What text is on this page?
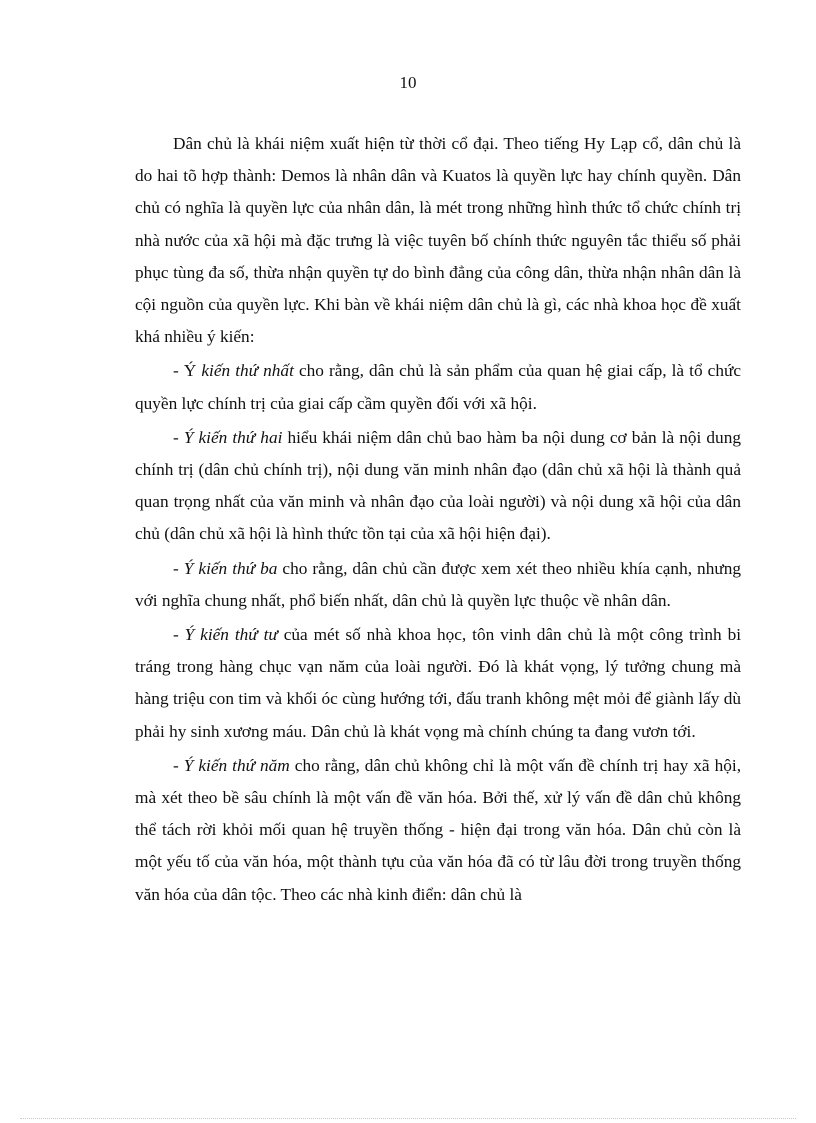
10

Dân chủ là khái niệm xuất hiện từ thời cổ đại. Theo tiếng Hy Lạp cổ, dân chủ là do hai tõ hợp thành: Demos là nhân dân và Kuatos là quyền lực hay chính quyền. Dân chủ có nghĩa là quyền lực của nhân dân, là mét trong những hình thức tổ chức chính trị nhà nước của xã hội mà đặc trưng là việc tuyên bố chính thức nguyên tắc thiểu số phải phục tùng đa số, thừa nhận quyền tự do bình đẳng của công dân, thừa nhận nhân dân là cội nguồn của quyền lực. Khi bàn về khái niệm dân chủ là gì, các nhà khoa học đề xuất khá nhiều ý kiến:

- Ý kiến thứ nhất cho rằng, dân chủ là sản phẩm của quan hệ giai cấp, là tổ chức quyền lực chính trị của giai cấp cầm quyền đối với xã hội.

- Ý kiến thứ hai hiểu khái niệm dân chủ bao hàm ba nội dung cơ bản là nội dung chính trị (dân chủ chính trị), nội dung văn minh nhân đạo (dân chủ xã hội là thành quả quan trọng nhất của văn minh và nhân đạo của loài người) và nội dung xã hội của dân chủ (dân chủ xã hội là hình thức tồn tại của xã hội hiện đại).

- Ý kiến thứ ba cho rằng, dân chủ cần được xem xét theo nhiều khía cạnh, nhưng với nghĩa chung nhất, phổ biến nhất, dân chủ là quyền lực thuộc về nhân dân.

- Ý kiến thứ tư của mét số nhà khoa học, tôn vinh dân chủ là một công trình bi tráng trong hàng chục vạn năm của loài người. Đó là khát vọng, lý tưởng chung mà hàng triệu con tim và khối óc cùng hướng tới, đấu tranh không mệt mỏi để giành lấy dù phải hy sinh xương máu. Dân chủ là khát vọng mà chính chúng ta đang vươn tới.

- Ý kiến thứ năm cho rằng, dân chủ không chỉ là một vấn đề chính trị hay xã hội, mà xét theo bề sâu chính là một vấn đề văn hóa. Bởi thế, xử lý vấn đề dân chủ không thể tách rời khỏi mối quan hệ truyền thống - hiện đại trong văn hóa. Dân chủ còn là một yếu tố của văn hóa, một thành tựu của văn hóa đã có từ lâu đời trong truyền thống văn hóa của dân tộc. Theo các nhà kinh điển: dân chủ là
